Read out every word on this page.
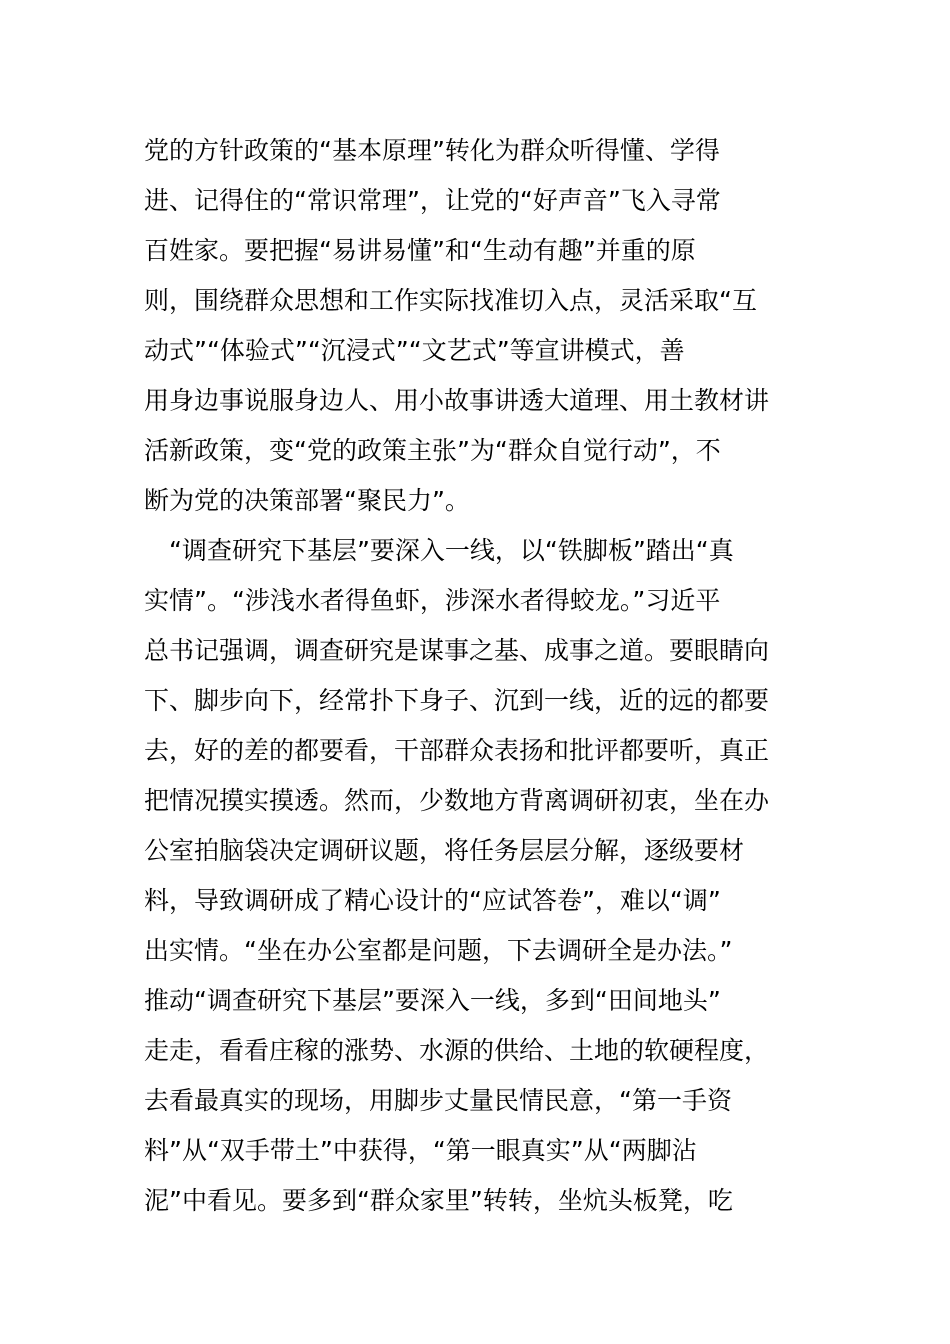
党的方针政策的“基本原理”转化为群众听得懂、学得
进、记得住的“常识常理”，让党的“好声音”飞入寻常
百姓家。要把握“易讲易懂”和“生动有趣”并重的原
则，围绕群众思想和工作实际找准切入点，灵活采取“互
动式”“体验式”“沉浸式”“文艺式”等宣讲模式，善
用身边事说服身边人、用小故事讲透大道理、用土教材讲
活新政策，变“党的政策主张”为“群众自觉行动”，不
断为党的决策部署“聚民力”。
“调查研究下基层”要深入一线，以“铁脚板”踏出“真
实情”。“涉浅水者得鱼虾，涉深水者得蛟龙。”习近平
总书记强调，调查研究是谋事之基、成事之道。要眼睛向
下、脚步向下，经常扑下身子、沉到一线，近的远的都要
去，好的差的都要看，干部群众表扬和批评都要听，真正
把情况摸实摸透。然而，少数地方背离调研初衷，坐在办
公室拍脑袋决定调研议题，将任务层层分解，逐级要材
料，导致调研成了精心设计的“应试答卷”，难以“调”
出实情。“坐在办公室都是问题，下去调研全是办法。”
推动“调查研究下基层”要深入一线，多到“田间地头”
走走，看看庄稼的涨势、水源的供给、土地的软硬程度，
去看最真实的现场，用脚步丈量民情民意，“第一手资
料”从“双手带土”中获得，“第一眼真实”从“两脚沾
泥”中看见。要多到“群众家里”转转，坐炕头板凳，吃
